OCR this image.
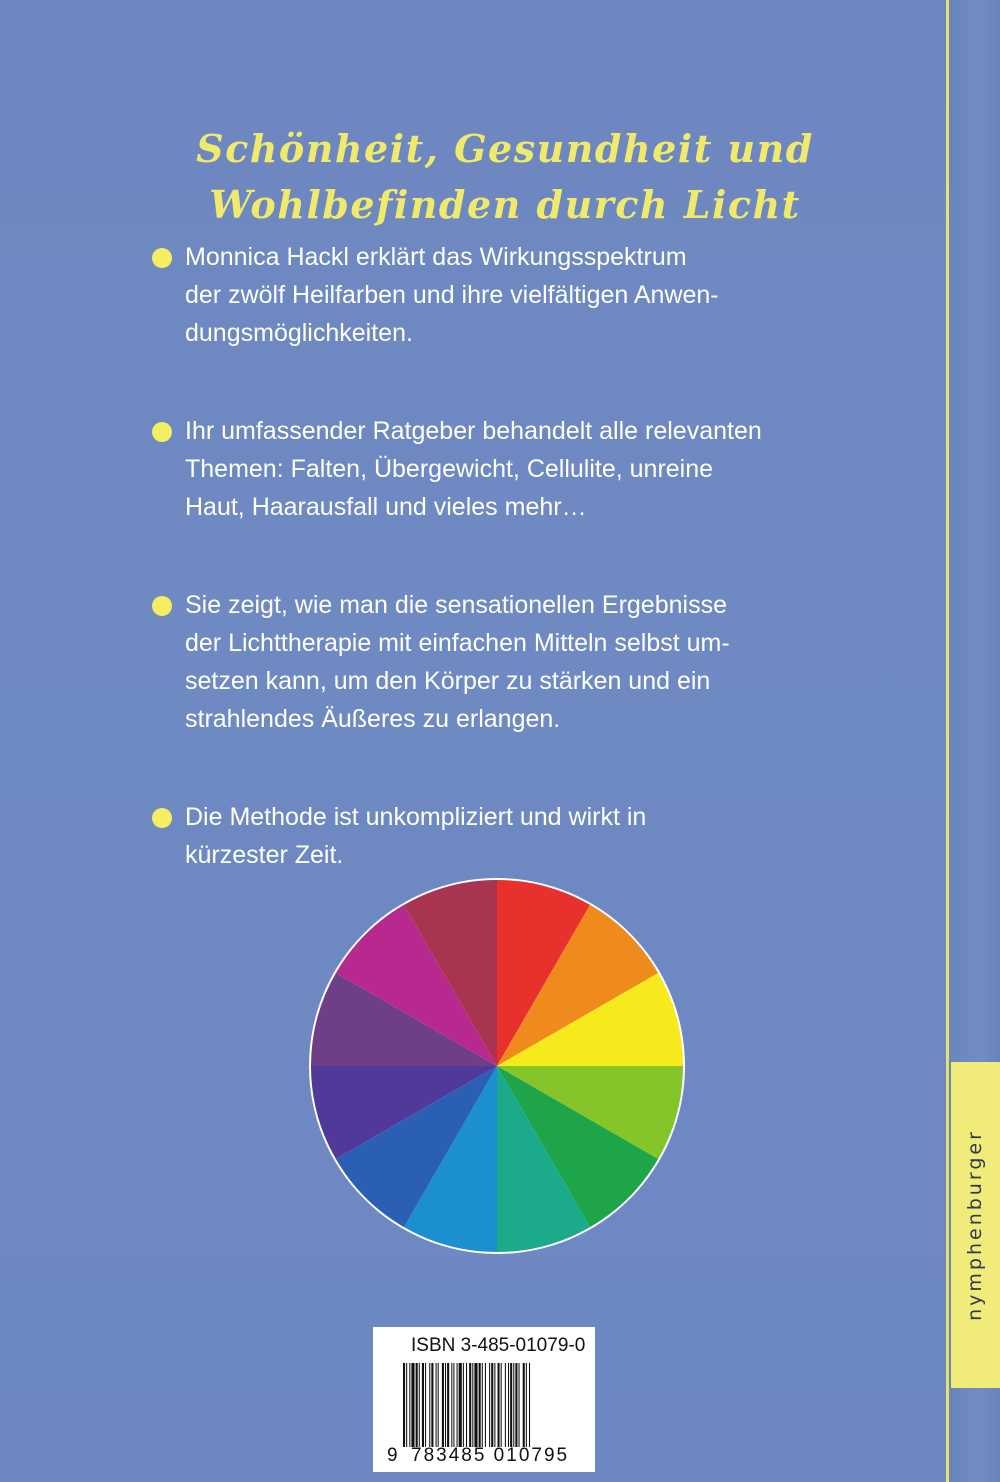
Schönheit, Gesundheit und
Wohlbefinden durch Licht
Monnica Hackl erklärt das Wirkungsspektrum
der zwölf Heilfarben und ihre vielfältigen Anwen-
dungsmöglichkeiten.
Ihr umfassender Ratgeber behandelt alle relevanten
Themen: Falten, Übergewicht, Cellulite, unreine
Haut, Haarausfall und vieles mehr…
Sie zeigt, wie man die sensationellen Ergebnisse
der Lichttherapie mit einfachen Mitteln selbst um-
setzen kann, um den Körper zu stärken und ein
strahlendes Äußeres zu erlangen.
Die Methode ist unkompliziert und wirkt in
kürzester Zeit.
ISBN 3-485-01079-0
9 783485 010795
nymphenburger
